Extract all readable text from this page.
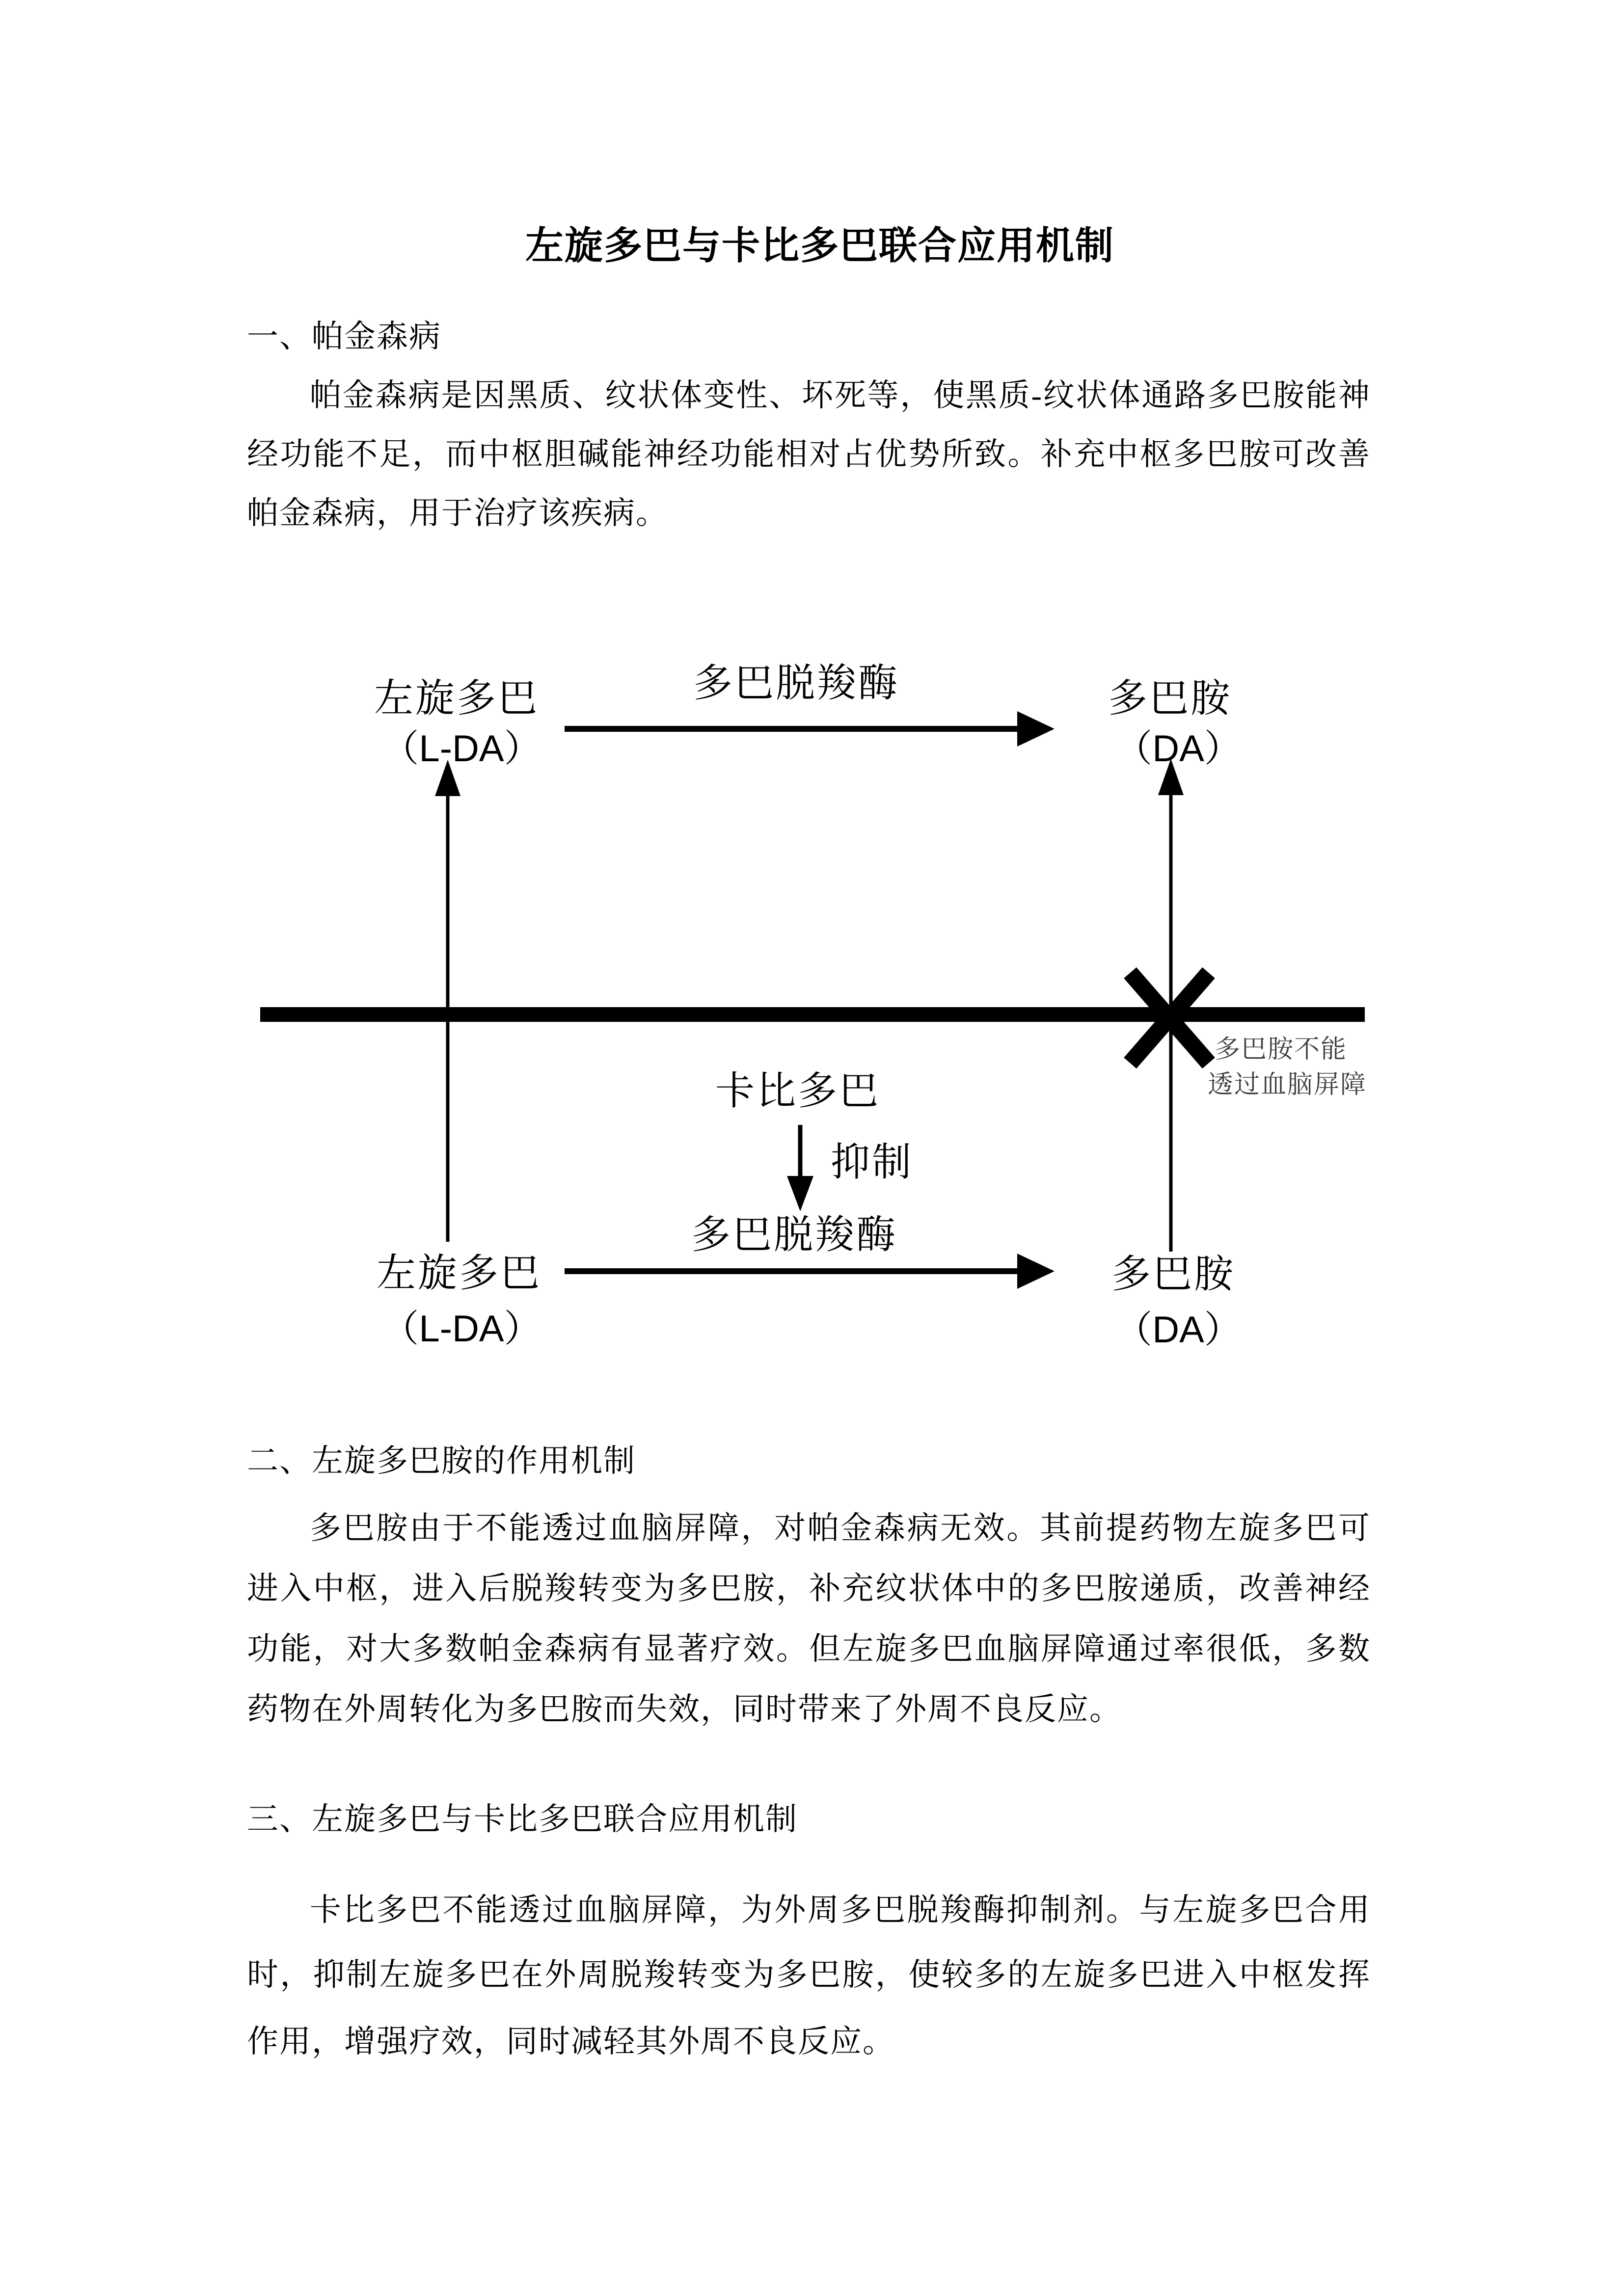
左旋多巴与卡比多巴联合应用机制
一、帕金森病
帕金森病是因黑质、纹状体变性、坏死等，使黑质-纹状体通路多巴胺能神
经功能不足，而中枢胆碱能神经功能相对占优势所致。补充中枢多巴胺可改善
帕金森病，用于治疗该疾病。
左旋多巴
（L-DA）
多巴脱羧酶	多巴胺
（DA）
多巴胺不能
透过血脑屏障
卡比多巴
抑制
多巴脱羧酶
左旋多巴
（L-DA）
多巴胺
（DA）
二、左旋多巴胺的作用机制
多巴胺由于不能透过血脑屏障，对帕金森病无效。其前提药物左旋多巴可
进入中枢，进入后脱羧转变为多巴胺，补充纹状体中的多巴胺递质，改善神经
功能，对大多数帕金森病有显著疗效。但左旋多巴血脑屏障通过率很低，多数
药物在外周转化为多巴胺而失效，同时带来了外周不良反应。
三、左旋多巴与卡比多巴联合应用机制
卡比多巴不能透过血脑屏障，为外周多巴脱羧酶抑制剂。与左旋多巴合用
时，抑制左旋多巴在外周脱羧转变为多巴胺，使较多的左旋多巴进入中枢发挥
作用，增强疗效，同时减轻其外周不良反应。
